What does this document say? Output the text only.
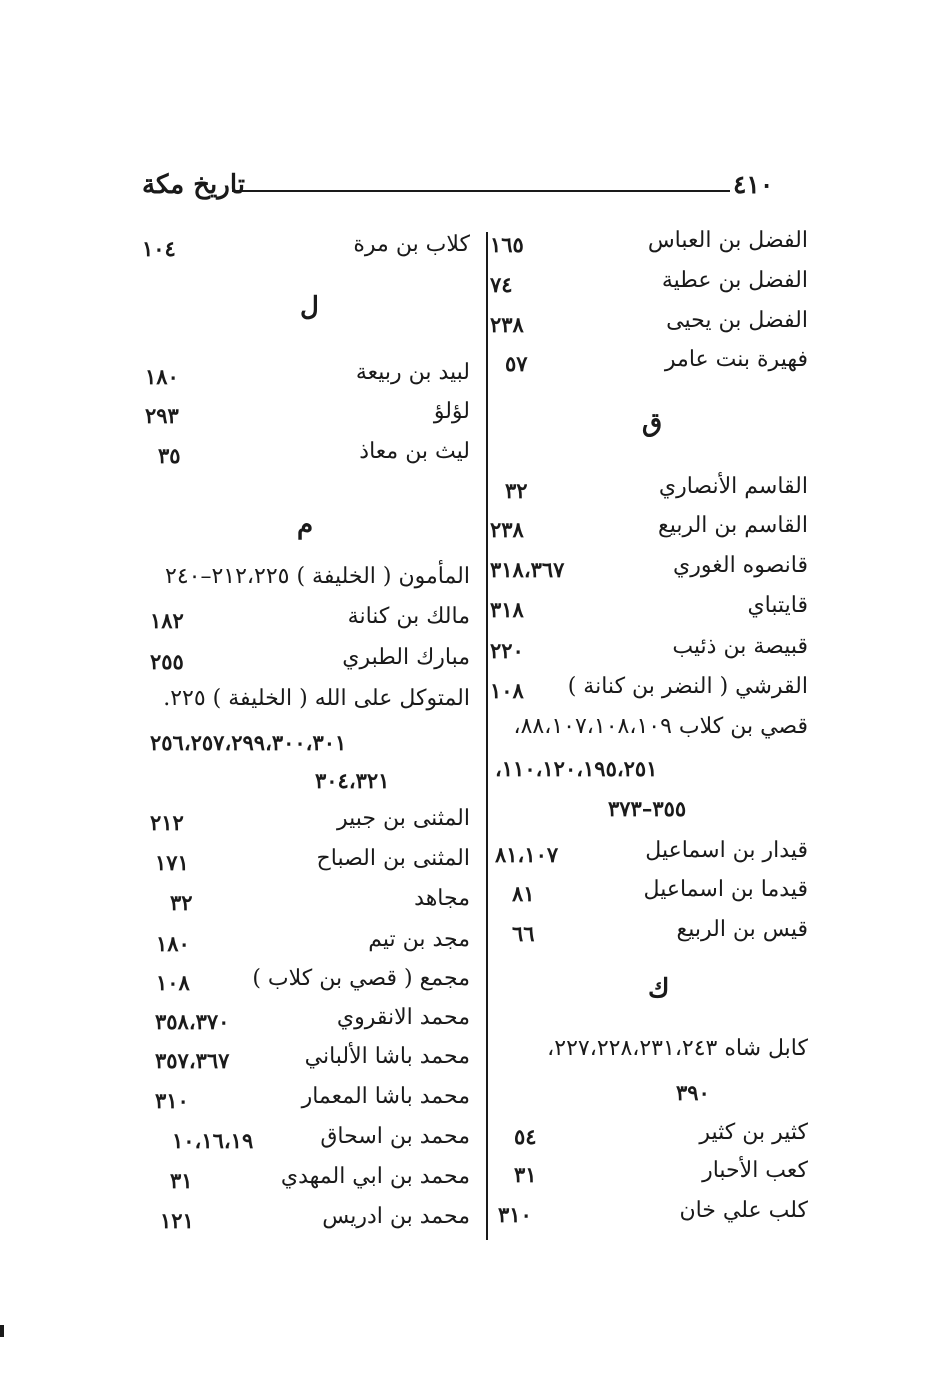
٤١٠
تاريخ مكة
الفضل بن العباس
١٦٥
الفضل بن عطية
٧٤
الفضل بن يحيى
٢٣٨
فهيرة بنت عامر
٥٧
ق
القاسم الأنصاري
٣٢
القاسم بن الربيع
٢٣٨
قانصوه الغوري
٣١٨،٣٦٧
قايتباي
٣١٨
قبيصة بن ذئيب
٢٢٠
القرشي ( النضر بن كنانة )
١٠٨
قصي بن كلاب ٨٨،١٠٧،١٠٨،١٠٩،
١١٠،١٢٠،١٩٥،٢٥١،
٣٥٥–٣٧٣
قيدار بن اسماعيل
٨١،١٠٧
قيدما بن اسماعيل
٨١
قيس بن الربيع
٦٦
ك
كابل شاه ٢٢٧،٢٢٨،٢٣١،٢٤٣،
٣٩٠
كثير بن كثير
٥٤
كعب الأحبار
٣١
كلب علي خان
٣١٠
كلاب بن مرة
١٠٤
ل
لبيد بن ربيعة
١٨٠
لؤلؤ
٢٩٣
ليث بن معاذ
٣٥
م
المأمون ( الخليفة ) ٢١٢،٢٢٥–٢٤٠
مالك بن كنانة
١٨٢
مبارك الطبري
٢٥٥
المتوكل على الله ( الخليفة ) ٢٢٥.
٢٥٦،٢٥٧،٢٩٩،٣٠٠،٣٠١
٣٠٤،٣٢١
المثنى بن جبير
٢١٢
المثنى بن الصباح
١٧١
مجاهد
٣٢
مجد بن تيم
١٨٠
مجمع ( قصي بن كلاب )
١٠٨
محمد الانقروي
٣٥٨،٣٧٠
محمد باشا الألباني
٣٥٧،٣٦٧
محمد باشا المعمار
٣١٠
محمد بن اسحاق
١٠،١٦،١٩
محمد بن ابي المهدي
٣١
محمد بن ادريس
١٢١
